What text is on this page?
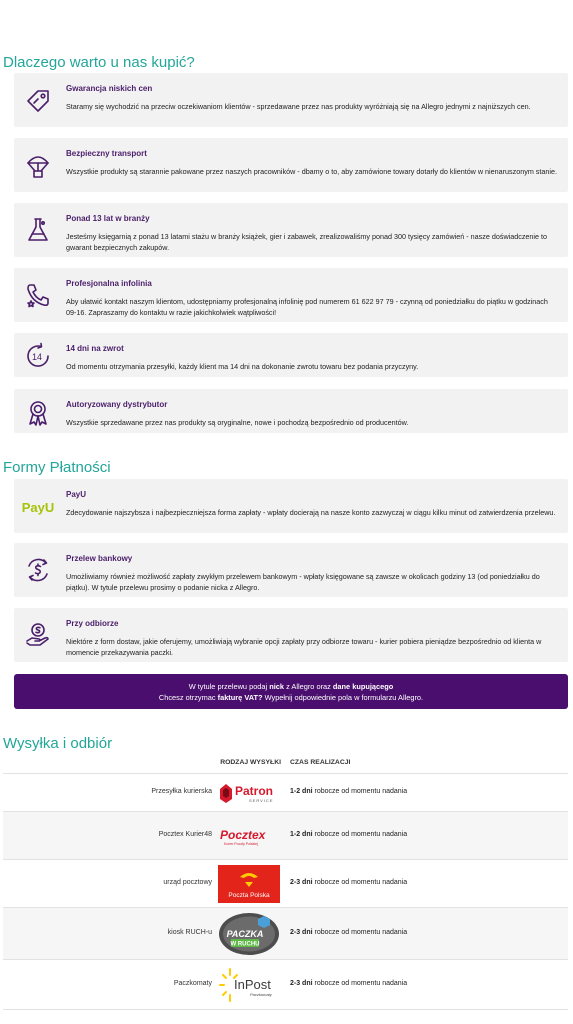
Dlaczego warto u nas kupić?
Gwarancja niskich cen
Staramy się wychodzić na przeciw oczekiwaniom klientów - sprzedawane przez nas produkty wyróżniają się na Allegro jednymi z najniższych cen.
Bezpieczny transport
Wszystkie produkty są starannie pakowane przez naszych pracowników - dbamy o to, aby zamówione towary dotarły do klientów w nienaruszonym stanie.
Ponad 13 lat w branży
Jesteśmy księgarnią z ponad 13 latami stażu w branży książek, gier i zabawek, zrealizowaliśmy ponad 300 tysięcy zamówień - nasze doświadczenie to gwarant bezpiecznych zakupów.
Profesjonalna infolinia
Aby ułatwić kontakt naszym klientom, udostępniamy profesjonalną infolinię pod numerem 61 622 97 79 - czynną od poniedziałku do piątku w godzinach 09-16. Zapraszamy do kontaktu w razie jakichkolwiek wątpliwości!
14
14 dni na zwrot
Od momentu otrzymania przesyłki, każdy klient ma 14 dni na dokonanie zwrotu towaru bez podania przyczyny.
Autoryzowany dystrybutor
Wszystkie sprzedawane przez nas produkty są oryginalne, nowe i pochodzą bezpośrednio od producentów.
Formy Płatności
PayU
PayU
Zdecydowanie najszybsza i najbezpieczniejsza forma zapłaty - wpłaty docierają na nasze konto zazwyczaj w ciągu kilku minut od zatwierdzenia przelewu.
Przelew bankowy
Umożliwiamy również możliwość zapłaty zwykłym przelewem bankowym - wpłaty księgowane są zawsze w okolicach godziny 13 (od poniedziałku do piątku). W tytule przelewu prosimy o podanie nicka z Allegro.
Przy odbiorze
Niektóre z form dostaw, jakie oferujemy, umożliwiają wybranie opcji zapłaty przy odbiorze towaru - kurier pobiera pieniądze bezpośrednio od klienta w momencie przekazywania paczki.
W tytule przelewu podaj nick z Allegro oraz dane kupującego
Chcesz otrzymac fakturę VAT? Wypełnij odpowiednie pola w formularzu Allegro.
Wysyłka i odbiór
RODZAJ WYSYŁKI CZAS REALIZACJI
Przesyłka kurierska Patron
SERVICE
1-2 dni robocze od momentu nadania
Pocztex Kurier48 Pocztex
Kurier Poczty Polskiej
1-2 dni robocze od momentu nadania
urząd pocztowy
Poczta Polska
2-3 dni robocze od momentu nadania
kiosk RUCH-u PACZKA
W RUCHU
2-3 dni robocze od momentu nadania
Paczkomaty InPost
Paczkomaty
2-3 dni robocze od momentu nadania
